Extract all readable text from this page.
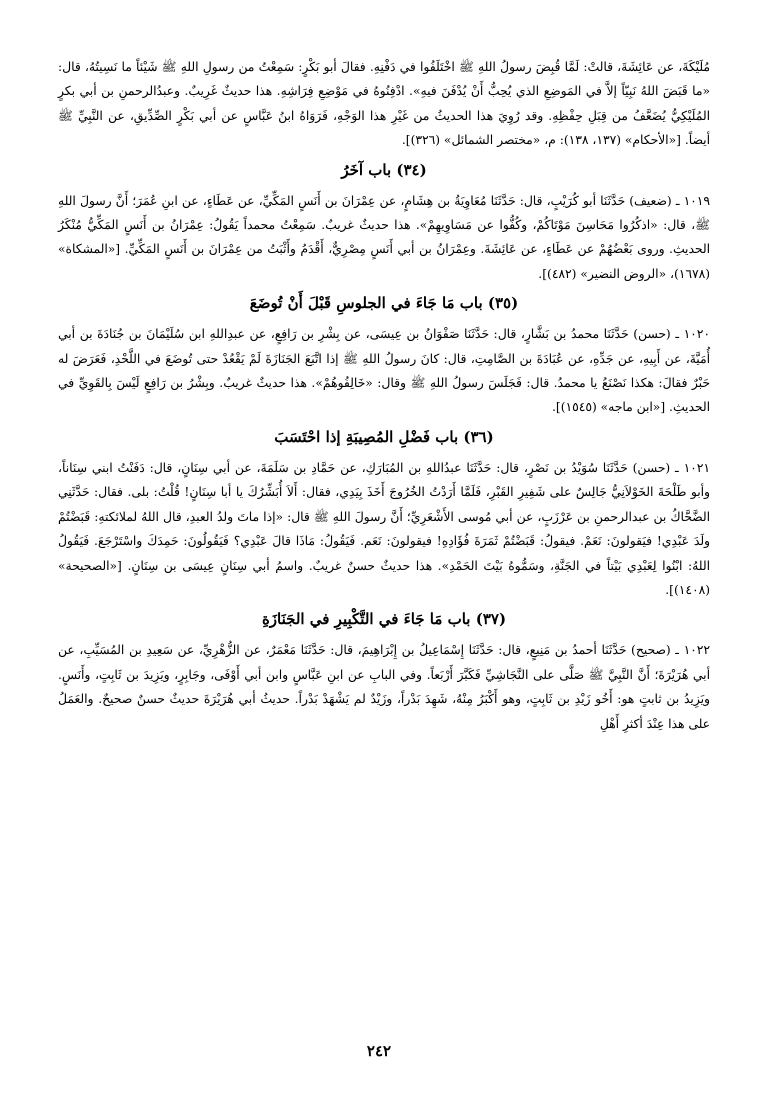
مُلَيْكَةَ، عن عَائِشَةَ، قالتْ: لَمَّا قُبِضَ رسولُ اللهِ ﷺ اخْتَلَفُوا في دَفْنِهِ. فقالَ أبو بَكْرٍ: سَمِعْتُ من رسولِ اللهِ ﷺ شَيْئاً ما نَسِيتُهُ، قال: «ما قَبَضَ اللهُ نَبِيّاً إلاَّ في المَوضِعِ الذي يُحِبُّ أَنْ يُدْفَنَ فيهِ». ادْفِنُوهُ في مَوْضِعِ فِرَاشِهِ. هذا حديثٌ غَرِيبٌ. وعبدُالرحمنِ بن أبي بكرٍ المُلَيْكِيُّ يُضَعَّفُ من قِبَلِ حِفْظِهِ. وقد رُوِيَ هذا الحديثُ من غَيْرِ هذا الوَجْهِ، فَرَوَاهُ ابنُ عَبَّاسٍ عن أبي بَكْرٍ الصِّدِّيقِ، عن النَّبِيِّ ﷺ أيضاً. [«الأحكام» (١٣٧، ١٣٨): م، «مختصر الشمائل» (٣٢٦)].

(٣٤) باب آخَرُ

١٠١٩ ـ (ضعيف) حَدَّثَنَا أبو كُرَيْبٍ، قال: حَدَّثَنَا مُعَاوِيَةُ بن هِشَامٍ، عن عِمْرَانَ بن أَنَسٍ المَكِّيِّ، عن عَطَاءٍ، عن ابنِ عُمَرَ؛ أَنَّ رسولَ اللهِ ﷺ، قال: «اذكُرُوا مَحَاسِنَ مَوْتَاكُمْ، وكُفُّوا عن مَسَاوِيهِمْ». هذا حديثٌ غريبٌ. سَمِعْتُ محمداً يَقُولُ: عِمْرَانُ بن أَنَسٍ المَكِّيُّ مُنْكَرُ الحديثِ. وروى بَعْضُهُمْ عن عَطَاءٍ، عن عَائِشَةَ. وعِمْرَانُ بن أبي أَنَسٍ مِصْرِيٌّ، أَقْدَمُ وأَثْبَتُ من عِمْرَانَ بن أَنَسٍ المَكِّيِّ. [«المشكاة» (١٦٧٨)، «الروض النضير» (٤٨٢)].

(٣٥) باب مَا جَاءَ في الجلوسِ قَبْلَ أَنْ تُوضَعَ

١٠٢٠ ـ (حسن) حَدَّثَنَا محمدُ بن بَشَّارٍ، قال: حَدَّثَنَا صَفْوَانُ بن عِيسَى، عن بِشْرِ بن رَافِعٍ، عن عبدِاللهِ ابن سُلَيْمَانَ بن جُنَادَةَ بن أبي أُمَيَّةَ، عن أَبِيهِ، عن جَدِّهِ، عن عُبَادَةَ بن الصَّامِتِ، قال: كانَ رسولُ اللهِ ﷺ إذا اتَّبَعَ الجَنَازَةَ لَمْ يَقْعُدْ حتى تُوضَعَ في اللَّحْدِ، فَعَرَضَ له حَبْرٌ فقالَ: هكذا نَصْنَعُ يا محمدُ. قال: فَجَلَسَ رسولُ اللهِ ﷺ وقال: «خَالِفُوهُمْ». هذا حديثٌ غريبٌ. وبِشْرُ بن رَافِعٍ لَيْسَ بِالقَوِيِّ في الحديثِ. [«ابن ماجه» (١٥٤٥)].

(٣٦) باب فَضْلِ المُصِيبَةِ إذا احْتَسَبَ

١٠٢١ ـ (حسن) حَدَّثَنَا سُوَيْدُ بن نَصْرٍ، قال: حَدَّثَنَا عبدُاللهِ بن المُبَارَكِ، عن حَمَّادِ بن سَلَمَةَ، عن أبي سِنَانٍ، قال: دَفَنْتُ ابني سِنَاناً، وأبو طَلْحَةَ الخَوْلاَنِيُّ جَالِسٌ على شَفِيرِ القَبْرِ، فَلَمَّا أَرَدْتُ الخُرُوجَ أَخَذَ بِيَدِي، فقال: أَلاَ أُبَشِّرُكَ يا أبا سِنَانٍ! قُلْتُ: بلى. فقال: حَدَّثَنِي الضَّحَّاكُ بن عبدالرحمنِ بن عَرْزَبٍ، عن أبي مُوسى الأَشْعَرِيِّ؛ أَنَّ رسولَ اللهِ ﷺ قال: «إذا ماتَ ولدُ العبدِ، قال اللهُ لملائكتهِ: قَبَضْتُمْ ولَدَ عَبْدِي! فيَقولونَ: نَعَمْ. فيقولُ: قَبَضْتُمْ ثَمَرَةَ فُؤَادِهِ! فيقولونَ: نَعَم. فَيَقُولُ: مَاذَا قالَ عَبْدِي؟ فَيَقُولُونَ: حَمِدَكَ واسْتَرْجَعَ. فَيَقُولُ اللهُ: ابْنُوا لِعَبْدِي بَيْتاً في الجَنَّةِ، وسَمُّوهُ بَيْتَ الحَمْدِ». هذا حديثٌ حسنٌ غريبٌ. واسمُ أبي سِنَانٍ عِيسَى بن سِنَانٍ. [«الصحيحة» (١٤٠٨)].

(٣٧) باب مَا جَاءَ في التَّكْبِيرِ في الجَنَازَةِ

١٠٢٢ ـ (صحيح) حَدَّثَنَا أحمدُ بن مَنِيعٍ، قال: حَدَّثَنَا إِسْمَاعِيلُ بن إِبْرَاهِيمَ، قال: حَدَّثَنَا مَعْمَرٌ، عن الزُّهْرِيِّ، عن سَعِيدِ بن المُسَيِّبِ، عن أبي هُرَيْرَةَ؛ أَنَّ النَّبِيَّ ﷺ صَلَّى على النَّجَاشِيِّ فَكَبَّرَ أَرْبَعاً. وفي البابِ عن ابنِ عَبَّاسٍ وابن أبي أَوْفَى، وجَابِرٍ، ويَزِيدَ بن ثَابِتٍ، وأَنَسٍ. ويَزِيدُ بن ثابتٍ هو: أَخُو زَيْدِ بن ثَابِتٍ، وهو أَكْبَرُ مِنْهُ، شَهِدَ بَدْراً، وزَيْدٌ لم يَشْهَدْ بَدْراً. حديثُ أبي هُرَيْرَةَ حديثٌ حسنٌ صحيحٌ. والعَمَلُ على هذا عِنْدَ أكثرِ أَهْلِ

٢٤٢
